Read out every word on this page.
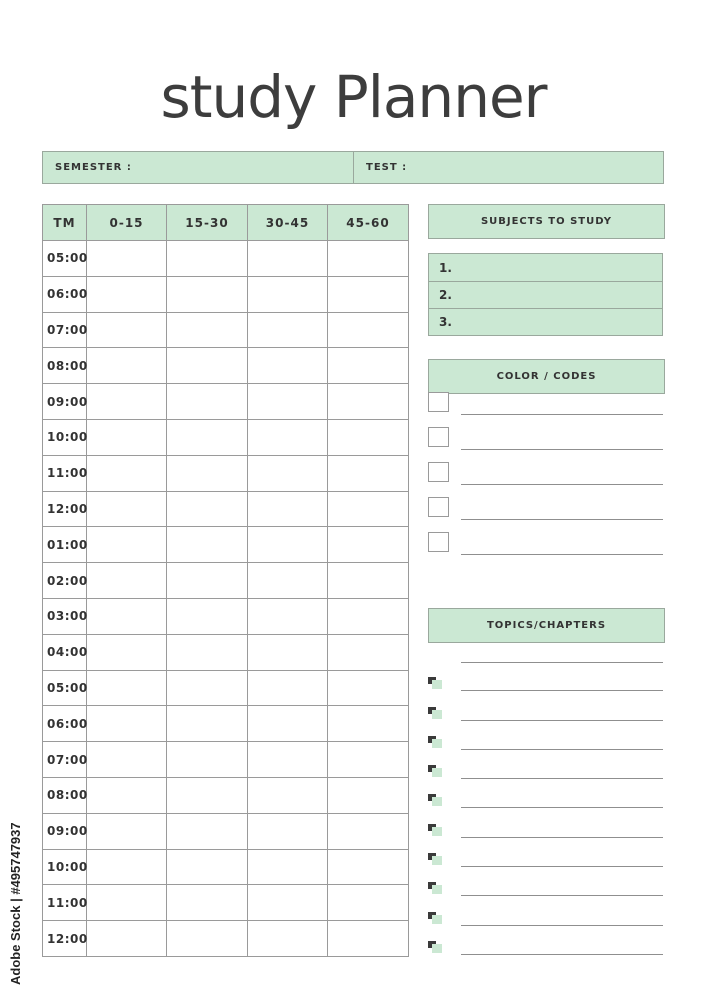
study Planner
SEMESTER :	TEST :
TM	0-15	15-30	30-45	45-60
05:00				
06:00				
07:00				
08:00				
09:00				
10:00				
11:00				
12:00				
01:00				
02:00				
03:00				
04:00				
05:00				
06:00				
07:00				
08:00				
09:00				
10:00				
11:00				
12:00				
SUBJECTS TO STUDY
1.
2.
3.
COLOR / CODES
TOPICS/CHAPTERS
Adobe Stock | #495747937
